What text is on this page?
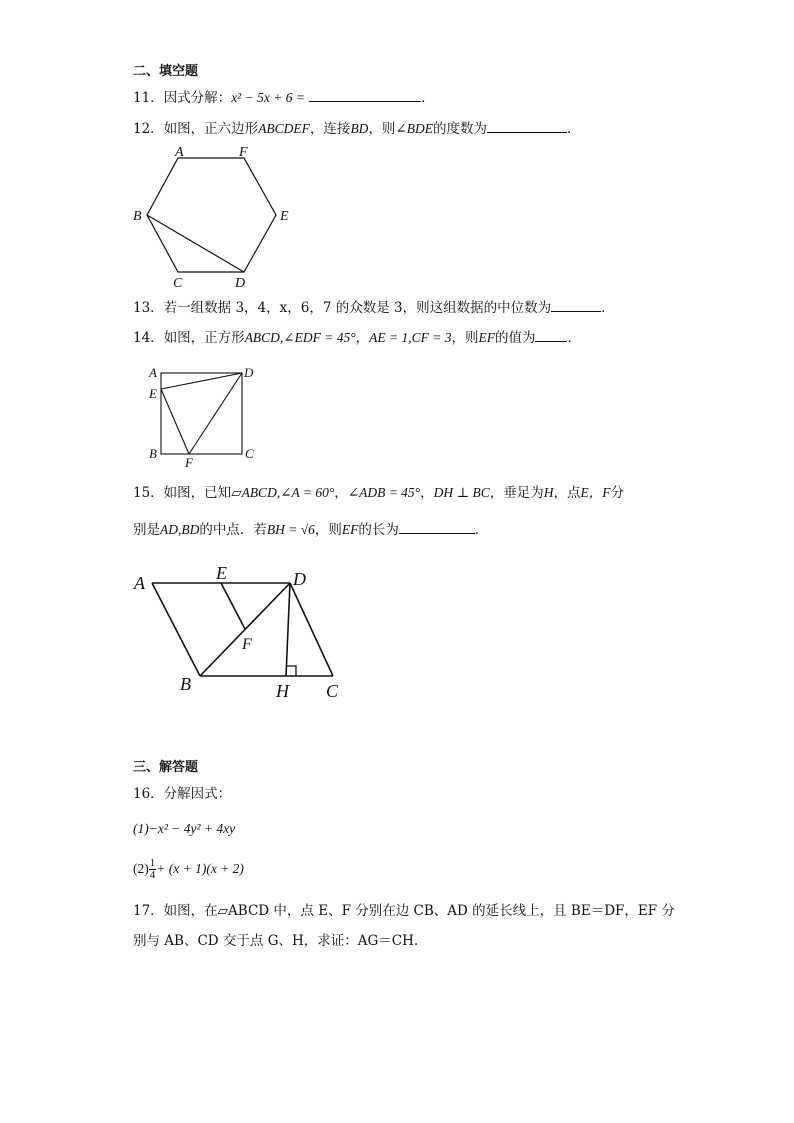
二、填空题
11．因式分解：x² − 5x + 6 =	．
12．如图，正六边形ABCDEF，连接BD，则∠BDE的度数为	．
A	F
B	E
C	D
13．若一组数据 3，4，x，6，7 的众数是 3，则这组数据的中位数为	．
14．如图，正方形ABCD,∠EDF = 45°，AE = 1,CF = 3，则EF的值为 ．
A	D
E
B
F
C
15．如图，已知▱ABCD,∠A = 60°，∠ADB = 45°，DH ⊥ BC，垂足为H，点E，F分
别是AD,BD的中点．若BH = √6，则EF的长为	．
A	E	D
F
B	H C
三、解答题
16．分解因式：
(1)−x² − 4y² + 4xy
$(2) \frac{1}{4} + (x + 1)(x + 2)$
17．如图，在▱ABCD 中，点 E、F 分别在边 CB、AD 的延长线上，且 BE＝DF，EF 分
别与 AB、CD 交于点 G、H，求证：AG＝CH.
